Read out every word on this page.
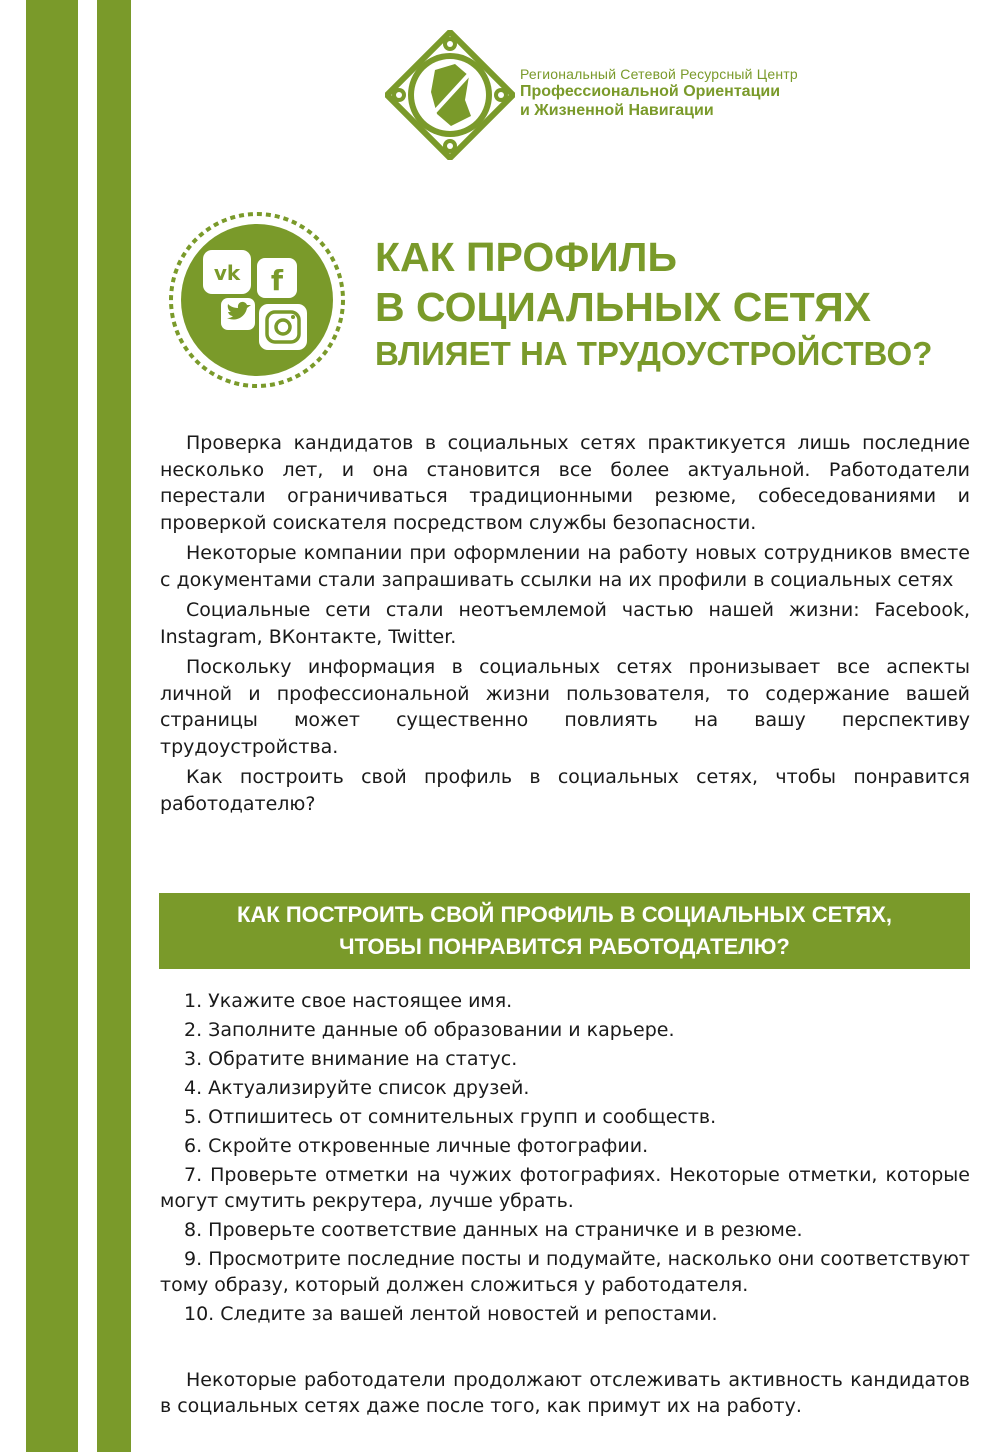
Региональный Сетевой Ресурсный Центр
Профессиональной Ориентации
и Жизненной Навигации
vk f
КАК ПРОФИЛЬ
В СОЦИАЛЬНЫХ СЕТЯХ
ВЛИЯЕТ НА ТРУДОУСТРОЙСТВО?

Проверка кандидатов в социальных сетях практикуется лишь последние несколько лет, и она становится все более актуальной. Работодатели перестали ограничиваться традиционными резюме, собеседованиями и проверкой соискателя посредством службы безопасности.

Некоторые компании при оформлении на работу новых сотрудников вместе с документами стали запрашивать ссылки на их профили в социальных сетях

Социальные сети стали неотъемлемой частью нашей жизни: Facebook, Instagram, ВКонтакте, Twitter.

Поскольку информация в социальных сетях пронизывает все аспекты личной и профессиональной жизни пользователя, то содержание вашей страницы может существенно повлиять на вашу перспективу трудоустройства.

Как построить свой профиль в социальных сетях, чтобы понравится работодателю?

КАК ПОСТРОИТЬ СВОЙ ПРОФИЛЬ В СОЦИАЛЬНЫХ СЕТЯХ,
ЧТОБЫ ПОНРАВИТСЯ РАБОТОДАТЕЛЮ?
1. Укажите свое настоящее имя.
2. Заполните данные об образовании и карьере.
3. Обратите внимание на статус.
4. Актуализируйте список друзей.
5. Отпишитесь от сомнительных групп и сообществ.
6. Скройте откровенные личные фотографии.
7. Проверьте отметки на чужих фотографиях. Некоторые отметки, которые могут смутить рекрутера, лучше убрать.
8. Проверьте соответствие данных на страничке и в резюме.
9. Просмотрите последние посты и подумайте, насколько они соответствуют тому образу, который должен сложиться у работодателя.
10. Следите за вашей лентой новостей и репостами.

Некоторые работодатели продолжают отслеживать активность кандидатов в социальных сетях даже после того, как примут их на работу.
